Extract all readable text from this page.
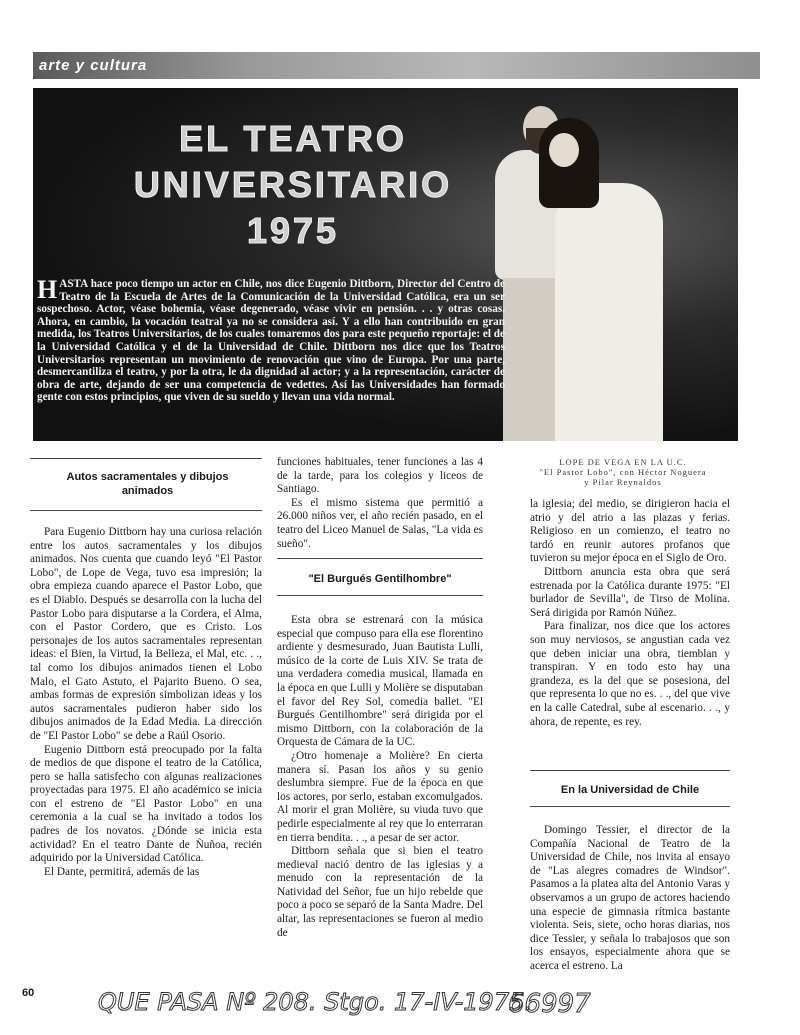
arte y cultura
EL TEATRO
UNIVERSITARIO 1975
HASTA hace poco tiempo un actor en Chile, nos dice Eugenio Dittborn, Director del Centro de Teatro de la Escuela de Artes de la Comunicación de la Universidad Católica, era un ser sospechoso. Actor, véase bohemia, véase degenerado, véase vivir en pensión. . . y otras cosas. Ahora, en cambio, la vocación teatral ya no se considera así. Y a ello han contribuido en gran medida, los Teatros Universitarios, de los cuales tomaremos dos para este pequeño reportaje: el de la Universidad Católica y el de la Universidad de Chile. Dittborn nos dice que los Teatros Universitarios representan un movimiento de renovación que vino de Europa. Por una parte, desmercantiliza el teatro, y por la otra, le da dignidad al actor; y a la representación, carácter de obra de arte, dejando de ser una competencia de vedettes. Así las Universidades han formado gente con estos principios, que viven de su sueldo y llevan una vida normal.
LOPE DE VEGA EN LA U.C.
"El Pastor Lobo", con Héctor Noguera
y Pilar Reynaldos
Autos sacramentales y dibujos animados

Para Eugenio Dittborn hay una curiosa relación entre los autos sacramentales y los dibujos animados. Nos cuenta que cuando leyó "El Pastor Lobo", de Lope de Vega, tuvo esa impresión; la obra empieza cuando aparece el Pastor Lobo, que es el Diablo. Después se desarrolla con la lucha del Pastor Lobo para disputarse a la Cordera, el Alma, con el Pastor Cordero, que es Cristo. Los personajes de los autos sacramentales representan ideas: el Bien, la Virtud, la Belleza, el Mal, etc. . ., tal como los dibujos animados tienen el Lobo Malo, el Gato Astuto, el Pajarito Bueno. O sea, ambas formas de expresión simbolizan ideas y los autos sacramentales pudieron haber sido los dibujos animados de la Edad Media. La dirección de "El Pastor Lobo" se debe a Raúl Osorio.

Eugenio Dittborn está preocupado por la falta de medios de que dispone el teatro de la Católica, pero se halla satisfecho con algunas realizaciones proyectadas para 1975. El año académico se inicia con el estreno de "El Pastor Lobo" en una ceremonia a la cual se ha invitado a todos los padres de los novatos. ¿Dónde se inicia esta actividad? En el teatro Dante de Ñuñoa, recién adquirido por la Universidad Católica.

El Dante, permitirá, además de las

funciones habituales, tener funciones a las 4 de la tarde, para los colegios y liceos de Santiago.

Es el mismo sistema que permitió a 26.000 niños ver, el año recién pasado, en el teatro del Liceo Manuel de Salas, "La vida es sueño".

"El Burgués Gentilhombre"

Esta obra se estrenará con la música especial que compuso para ella ese florentino ardiente y desmesurado, Juan Bautista Lulli, músico de la corte de Luis XIV. Se trata de una verdadera comedia musical, llamada en la época en que Lulli y Molière se disputaban el favor del Rey Sol, comedia ballet. "El Burgués Gentilhombre" será dirigida por el mismo Dittborn, con la colaboración de la Orquesta de Cámara de la UC.

¿Otro homenaje a Molière? En cierta manera sí. Pasan los años y su genio deslumbra siempre. Fue de la época en que los actores, por serlo, estaban excomulgados. Al morir el gran Molière, su viuda tuvo que pedirle especialmente al rey que lo enterraran en tierra bendita. . ., a pesar de ser actor.

Dittborn señala que si bien el teatro medieval nació dentro de las iglesias y a menudo con la representación de la Natividad del Señor, fue un hijo rebelde que poco a poco se separó de la Santa Madre. Del altar, las representaciones se fueron al medio de

la iglesia; del medio, se dirigieron hacia el atrio y del atrio a las plazas y ferias. Religioso en un comienzo, el teatro no tardó en reunir autores profanos que tuvieron su mejor época en el Siglo de Oro.

Dittborn anuncia esta obra que será estrenada por la Católica durante 1975: "El burlador de Sevilla", de Tirso de Molina. Será dirigida por Ramón Núñez.

Para finalizar, nos dice que los actores son muy nerviosos, se angustian cada vez que deben iniciar una obra, tiemblan y transpiran. Y en todo esto hay una grandeza, es la del que se posesiona, del que representa lo que no es. . ., del que vive en la calle Catedral, sube al escenario. . ., y ahora, de repente, es rey.

En la Universidad de Chile

Domingo Tessier, el director de la Compañía Nacional de Teatro de la Universidad de Chile, nos invita al ensayo de "Las alegres comadres de Windsor". Pasamos a la platea alta del Antonio Varas y observamos a un grupo de actores haciendo una especie de gimnasia rítmica bastante violenta. Seis, siete, ocho horas diarias, nos dice Tessier, y señala lo trabajosos que son los ensayos, especialmente ahora que se acerca el estreno. La

60	QUE PASA Nº 208. Stgo. 17-IV-1975.
66997
